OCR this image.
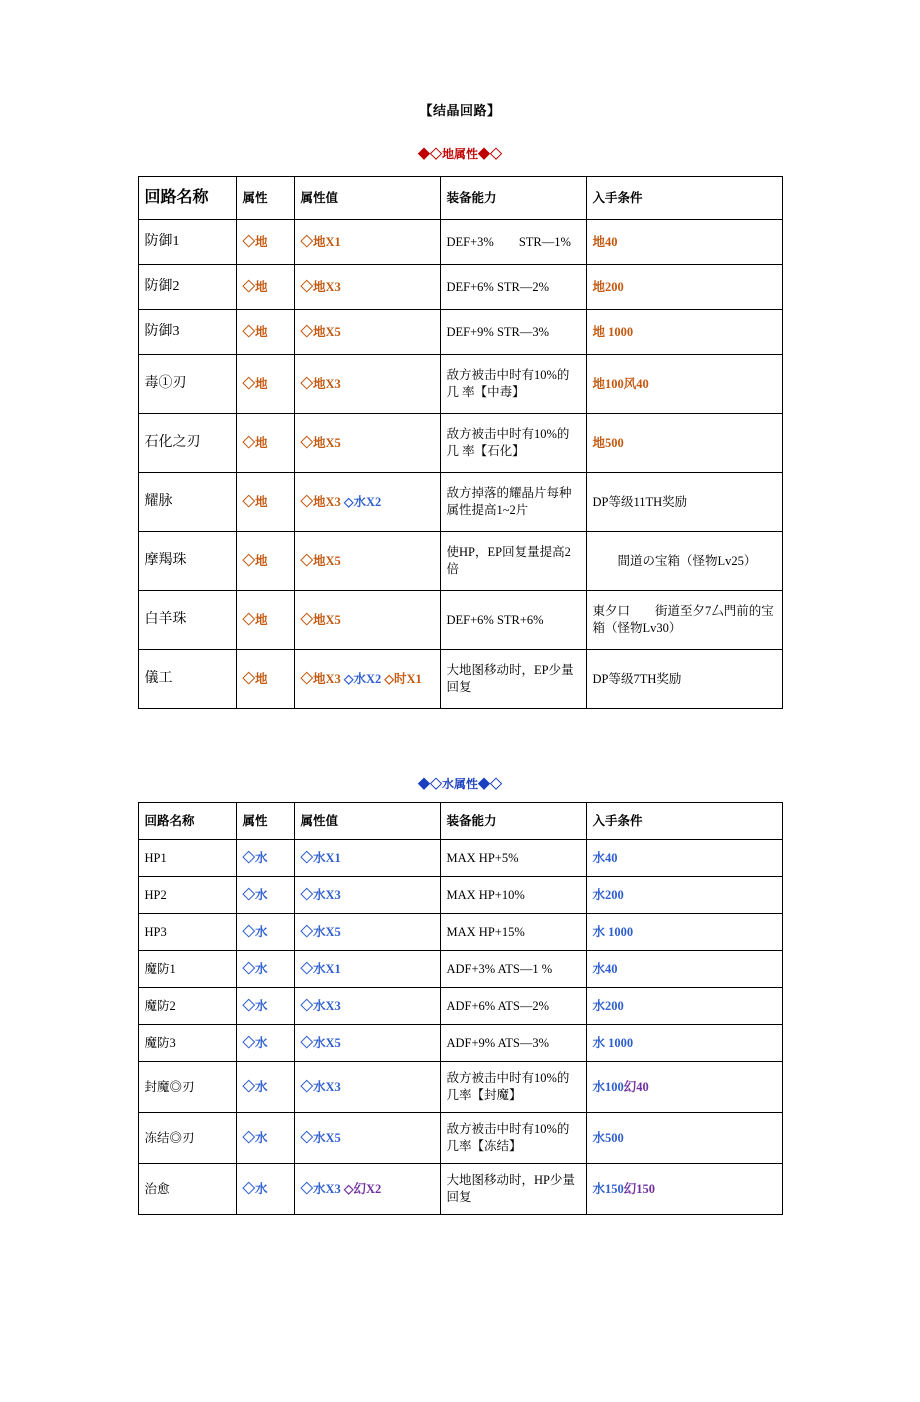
【结晶回路】
◆◇地属性◆◇
回路名称	属性	属性值	装备能力	入手条件
防御1	◇地	◇地X1	DEF+3%　　STR—1%	地40
防御2	◇地	◇地X3	DEF+6% STR—2%	地200
防御3	◇地	◇地X5	DEF+9% STR—3%	地 1000
毒①刃	◇地	◇地X3	敌方被击中时有10%的几 率【中毒】	地100风40
石化之刃	◇地	◇地X5	敌方被击中时有10%的几 率【石化】	地500
耀脉	◇地	◇地X3 ◇水X2	敌方掉落的耀晶片每种属性提高1~2片	DP等级11TH奖励
摩羯珠	◇地	◇地X5	使HP，EP回复量提高2倍	　　間道の宝箱（怪物Lv25）
白羊珠	◇地	◇地X5	DEF+6% STR+6%	東夕口　　街道至夕7厶門前的宝箱（怪物Lv30）
儀工	◇地	◇地X3 ◇水X2 ◇时X1	大地图移动时，EP少量回复	DP等级7TH奖励
◆◇水属性◆◇
回路名称	属性	属性值	装备能力	入手条件
HP1	◇水	◇水X1	MAX HP+5%	水40
HP2	◇水	◇水X3	MAX HP+10%	水200
HP3	◇水	◇水X5	MAX HP+15%	水 1000
魔防1	◇水	◇水X1	ADF+3% ATS—1 %	水40
魔防2	◇水	◇水X3	ADF+6% ATS—2%	水200
魔防3	◇水	◇水X5	ADF+9% ATS—3%	水 1000
封魔◎刃	◇水	◇水X3	敌方被击中时有10%的几率【封魔】	水100幻40
冻结◎刃	◇水	◇水X5	敌方被击中时有10%的几率【冻结】	水500
治愈	◇水	◇水X3 ◇幻X2	大地图移动时，HP少量回复	水150幻150
